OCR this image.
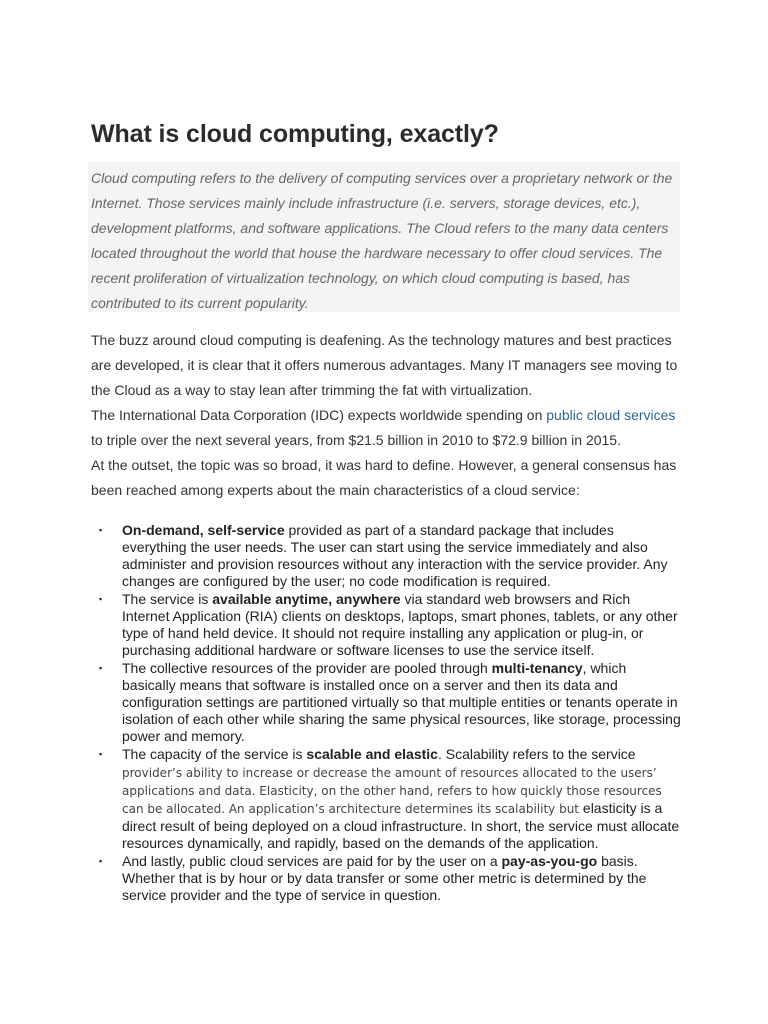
What is cloud computing, exactly?
Cloud computing refers to the delivery of computing services over a proprietary network or the Internet. Those services mainly include infrastructure (i.e. servers, storage devices, etc.), development platforms, and software applications. The Cloud refers to the many data centers located throughout the world that house the hardware necessary to offer cloud services. The recent proliferation of virtualization technology, on which cloud computing is based, has contributed to its current popularity.

The buzz around cloud computing is deafening. As the technology matures and best practices are developed, it is clear that it offers numerous advantages. Many IT managers see moving to the Cloud as a way to stay lean after trimming the fat with virtualization.

The International Data Corporation (IDC) expects worldwide spending on public cloud services to triple over the next several years, from $21.5 billion in 2010 to $72.9 billion in 2015.

At the outset, the topic was so broad, it was hard to define. However, a general consensus has been reached among experts about the main characteristics of a cloud service:

▪ On-demand, self-service provided as part of a standard package that includes everything the user needs. The user can start using the service immediately and also administer and provision resources without any interaction with the service provider. Any changes are configured by the user; no code modification is required.
▪ The service is available anytime, anywhere via standard web browsers and Rich Internet Application (RIA) clients on desktops, laptops, smart phones, tablets, or any other type of hand held device. It should not require installing any application or plug-in, or purchasing additional hardware or software licenses to use the service itself.
▪ The collective resources of the provider are pooled through multi-tenancy, which basically means that software is installed once on a server and then its data and configuration settings are partitioned virtually so that multiple entities or tenants operate in isolation of each other while sharing the same physical resources, like storage, processing power and memory.
▪ The capacity of the service is scalable and elastic. Scalability refers to the service provider’s ability to increase or decrease the amount of resources allocated to the users’ applications and data. Elasticity, on the other hand, refers to how quickly those resources can be allocated. An application’s architecture determines its scalability but elasticity is a direct result of being deployed on a cloud infrastructure. In short, the service must allocate resources dynamically, and rapidly, based on the demands of the application.
▪ And lastly, public cloud services are paid for by the user on a pay-as-you-go basis. Whether that is by hour or by data transfer or some other metric is determined by the service provider and the type of service in question.
